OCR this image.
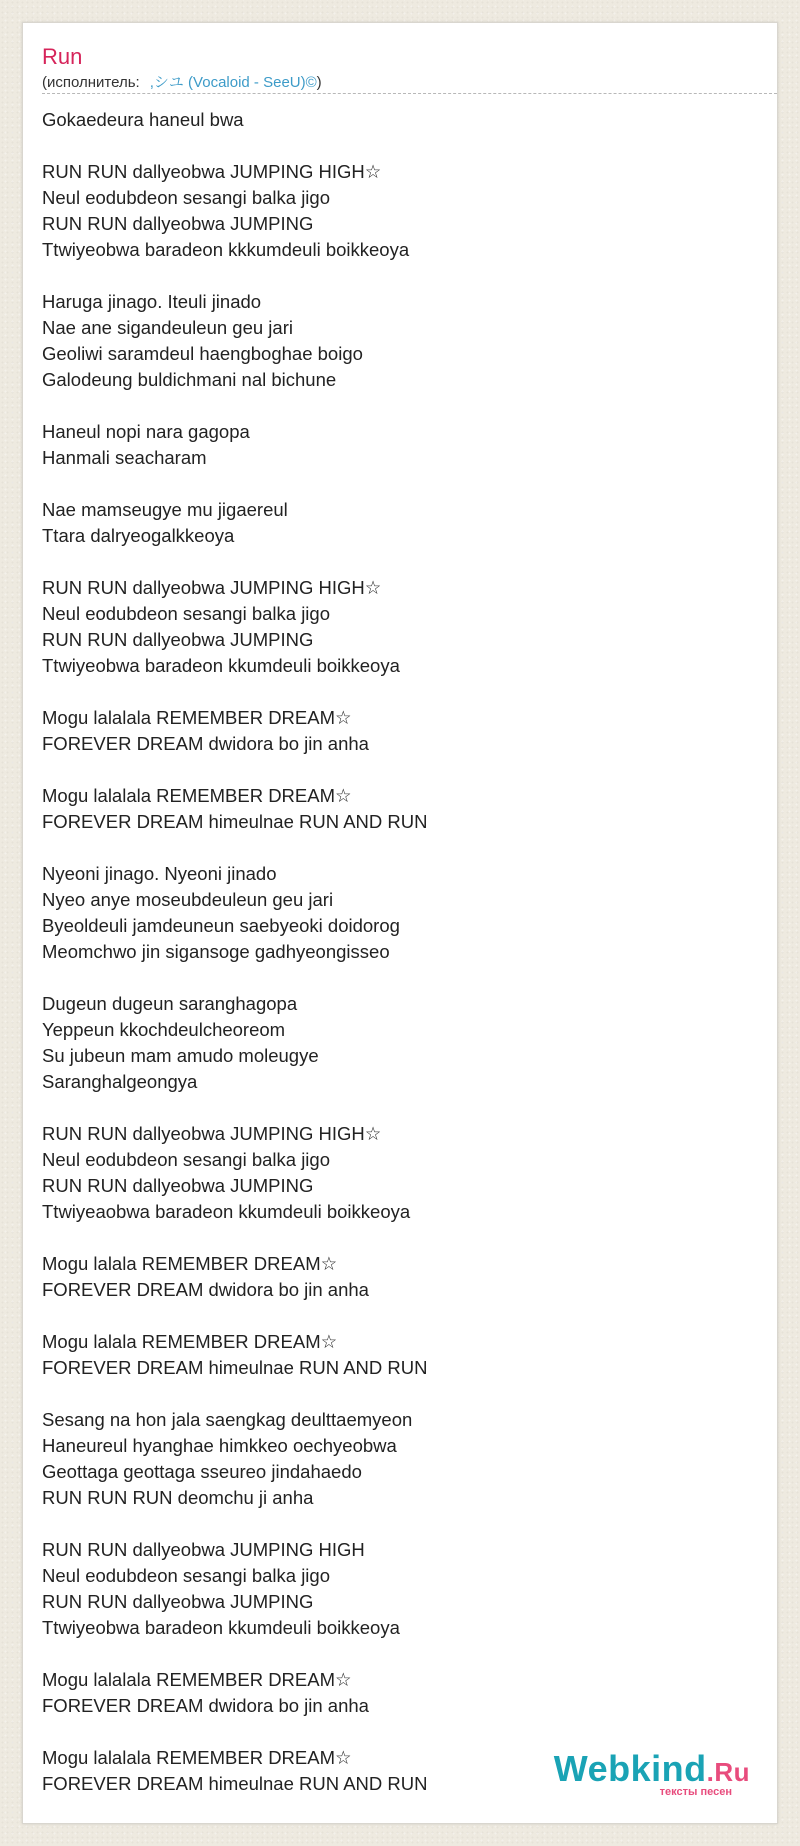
Run
(исполнитель: ,シユ (Vocaloid - SeeU)©)
Gokaedeura haneul bwa
RUN RUN dallyeobwa JUMPING HIGH☆
Neul eodubdeon sesangi balka jigo
RUN RUN dallyeobwa JUMPING
Ttwiyeobwa baradeon kkkumdeuli boikkeoya
Haruga jinago. Iteuli jinado
Nae ane sigandeuleun geu jari
Geoliwi saramdeul haengboghae boigo
Galodeung buldichmani nal bichune
Haneul nopi nara gagopa
Hanmali seacharam
Nae mamseugye mu jigaereul
Ttara dalryeogalkkeoya
RUN RUN dallyeobwa JUMPING HIGH☆
Neul eodubdeon sesangi balka jigo
RUN RUN dallyeobwa JUMPING
Ttwiyeobwa baradeon kkumdeuli boikkeoya
Mogu lalalala REMEMBER DREAM☆
FOREVER DREAM dwidora bo jin anha
Mogu lalalala REMEMBER DREAM☆
FOREVER DREAM himeulnae RUN AND RUN
Nyeoni jinago. Nyeoni jinado
Nyeo anye moseubdeuleun geu jari
Byeoldeuli jamdeuneun saebyeoki doidorog
Meomchwo jin sigansoge gadhyeongisseo
Dugeun dugeun saranghagopa
Yeppeun kkochdeulcheoreom
Su jubeun mam amudo moleugye
Saranghalgeongya
RUN RUN dallyeobwa JUMPING HIGH☆
Neul eodubdeon sesangi balka jigo
RUN RUN dallyeobwa JUMPING
Ttwiyeaobwa baradeon kkumdeuli boikkeoya
Mogu lalala REMEMBER DREAM☆
FOREVER DREAM dwidora bo jin anha
Mogu lalala REMEMBER DREAM☆
FOREVER DREAM himeulnae RUN AND RUN
Sesang na hon jala saengkag deulttaemyeon
Haneureul hyanghae himkkeo oechyeobwa
Geottaga geottaga sseureo jindahaedo
RUN RUN RUN deomchu ji anha
RUN RUN dallyeobwa JUMPING HIGH
Neul eodubdeon sesangi balka jigo
RUN RUN dallyeobwa JUMPING
Ttwiyeobwa baradeon kkumdeuli boikkeoya
Mogu lalalala REMEMBER DREAM☆
FOREVER DREAM dwidora bo jin anha
Mogu lalalala REMEMBER DREAM☆
FOREVER DREAM himeulnae RUN AND RUN	Webkind.Ru
тексты песен
